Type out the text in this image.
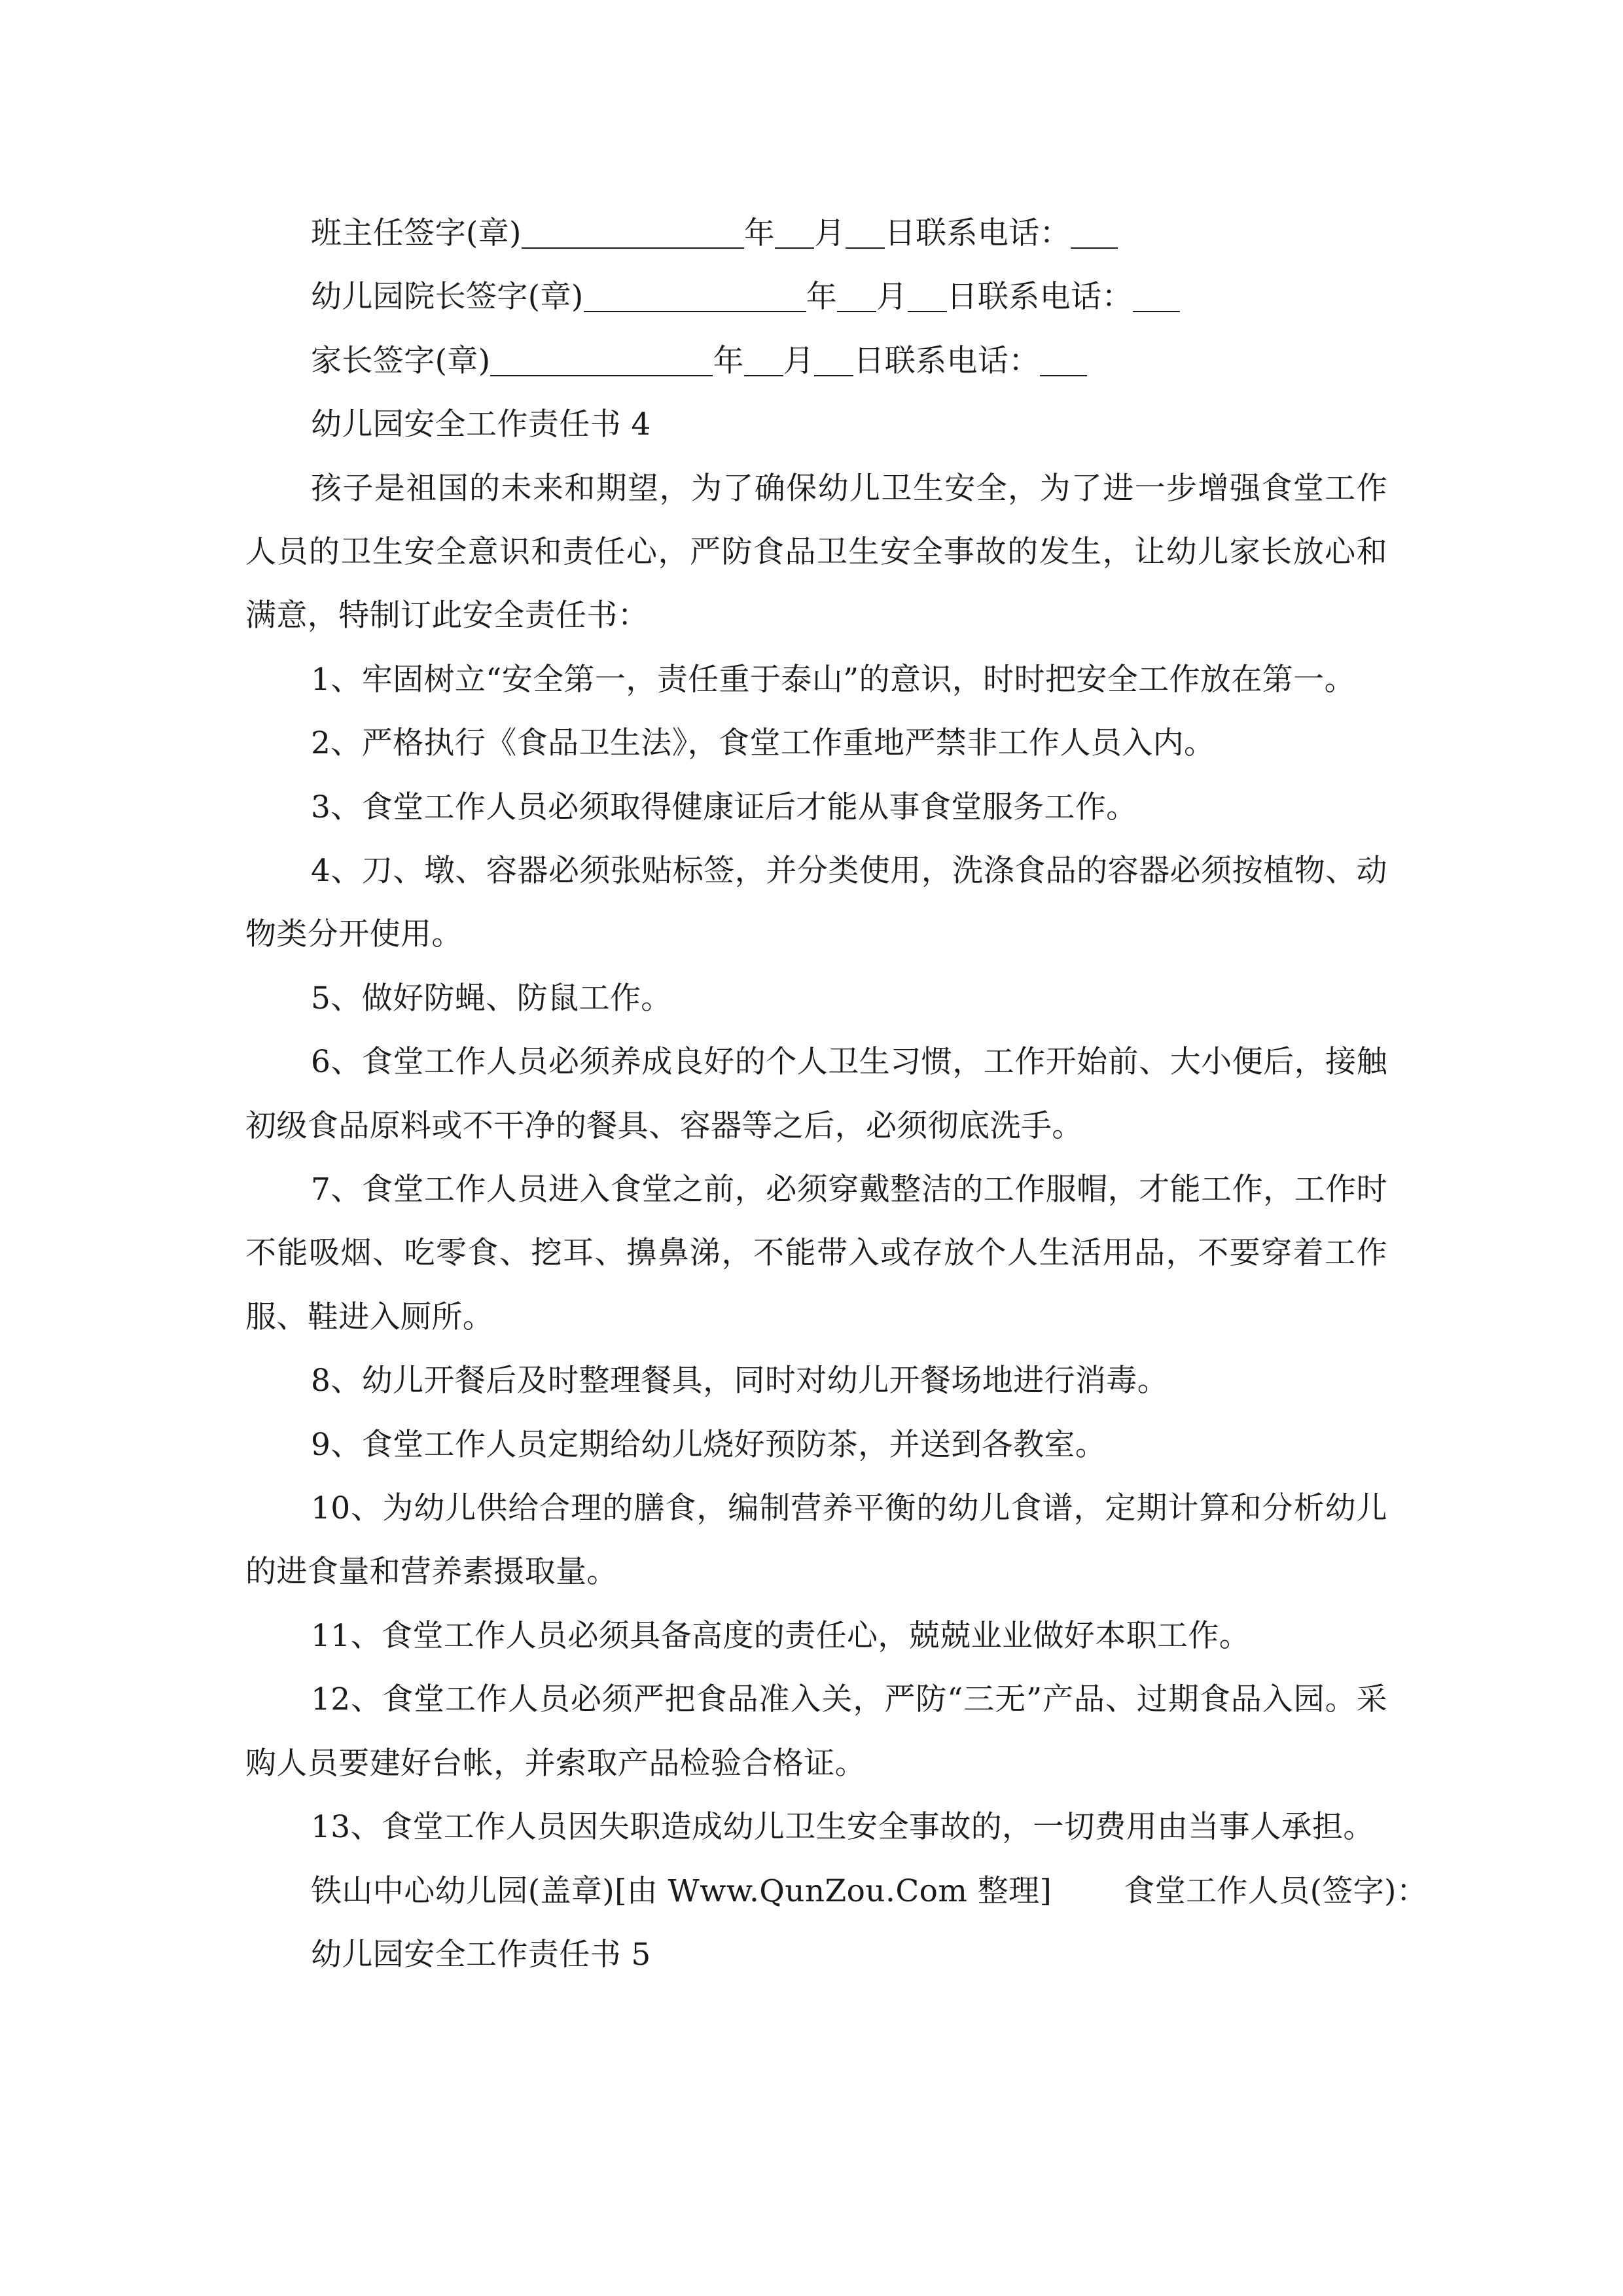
班主任签字(章)	年 月 日联系电话：
幼儿园院长签字(章)	年 月 日联系电话：
家长签字(章)	年 月 日联系电话：
幼儿园安全工作责任书 4
孩子是祖国的未来和期望，为了确保幼儿卫生安全，为了进一步增强食堂工作人员的卫生安全意识和责任心，严防食品卫生安全事故的发生，让幼儿家长放心和满意，特制订此安全责任书：
1、牢固树立“安全第一，责任重于泰山”的意识，时时把安全工作放在第一。
2、严格执行《食品卫生法》，食堂工作重地严禁非工作人员入内。
3、食堂工作人员必须取得健康证后才能从事食堂服务工作。
4、刀、墩、容器必须张贴标签，并分类使用，洗涤食品的容器必须按植物、动物类分开使用。
5、做好防蝇、防鼠工作。
6、食堂工作人员必须养成良好的个人卫生习惯，工作开始前、大小便后，接触初级食品原料或不干净的餐具、容器等之后，必须彻底洗手。
7、食堂工作人员进入食堂之前，必须穿戴整洁的工作服帽，才能工作，工作时不能吸烟、吃零食、挖耳、擤鼻涕，不能带入或存放个人生活用品，不要穿着工作服、鞋进入厕所。
8、幼儿开餐后及时整理餐具，同时对幼儿开餐场地进行消毒。
9、食堂工作人员定期给幼儿烧好预防茶，并送到各教室。
10、为幼儿供给合理的膳食，编制营养平衡的幼儿食谱，定期计算和分析幼儿的进食量和营养素摄取量。
11、食堂工作人员必须具备高度的责任心，兢兢业业做好本职工作。
12、食堂工作人员必须严把食品准入关，严防“三无”产品、过期食品入园。采购人员要建好台帐，并索取产品检验合格证。
13、食堂工作人员因失职造成幼儿卫生安全事故的，一切费用由当事人承担。
铁山中心幼儿园(盖章)[由 Www.QunZou.Com 整理] 食堂工作人员(签字)：
幼儿园安全工作责任书 5
